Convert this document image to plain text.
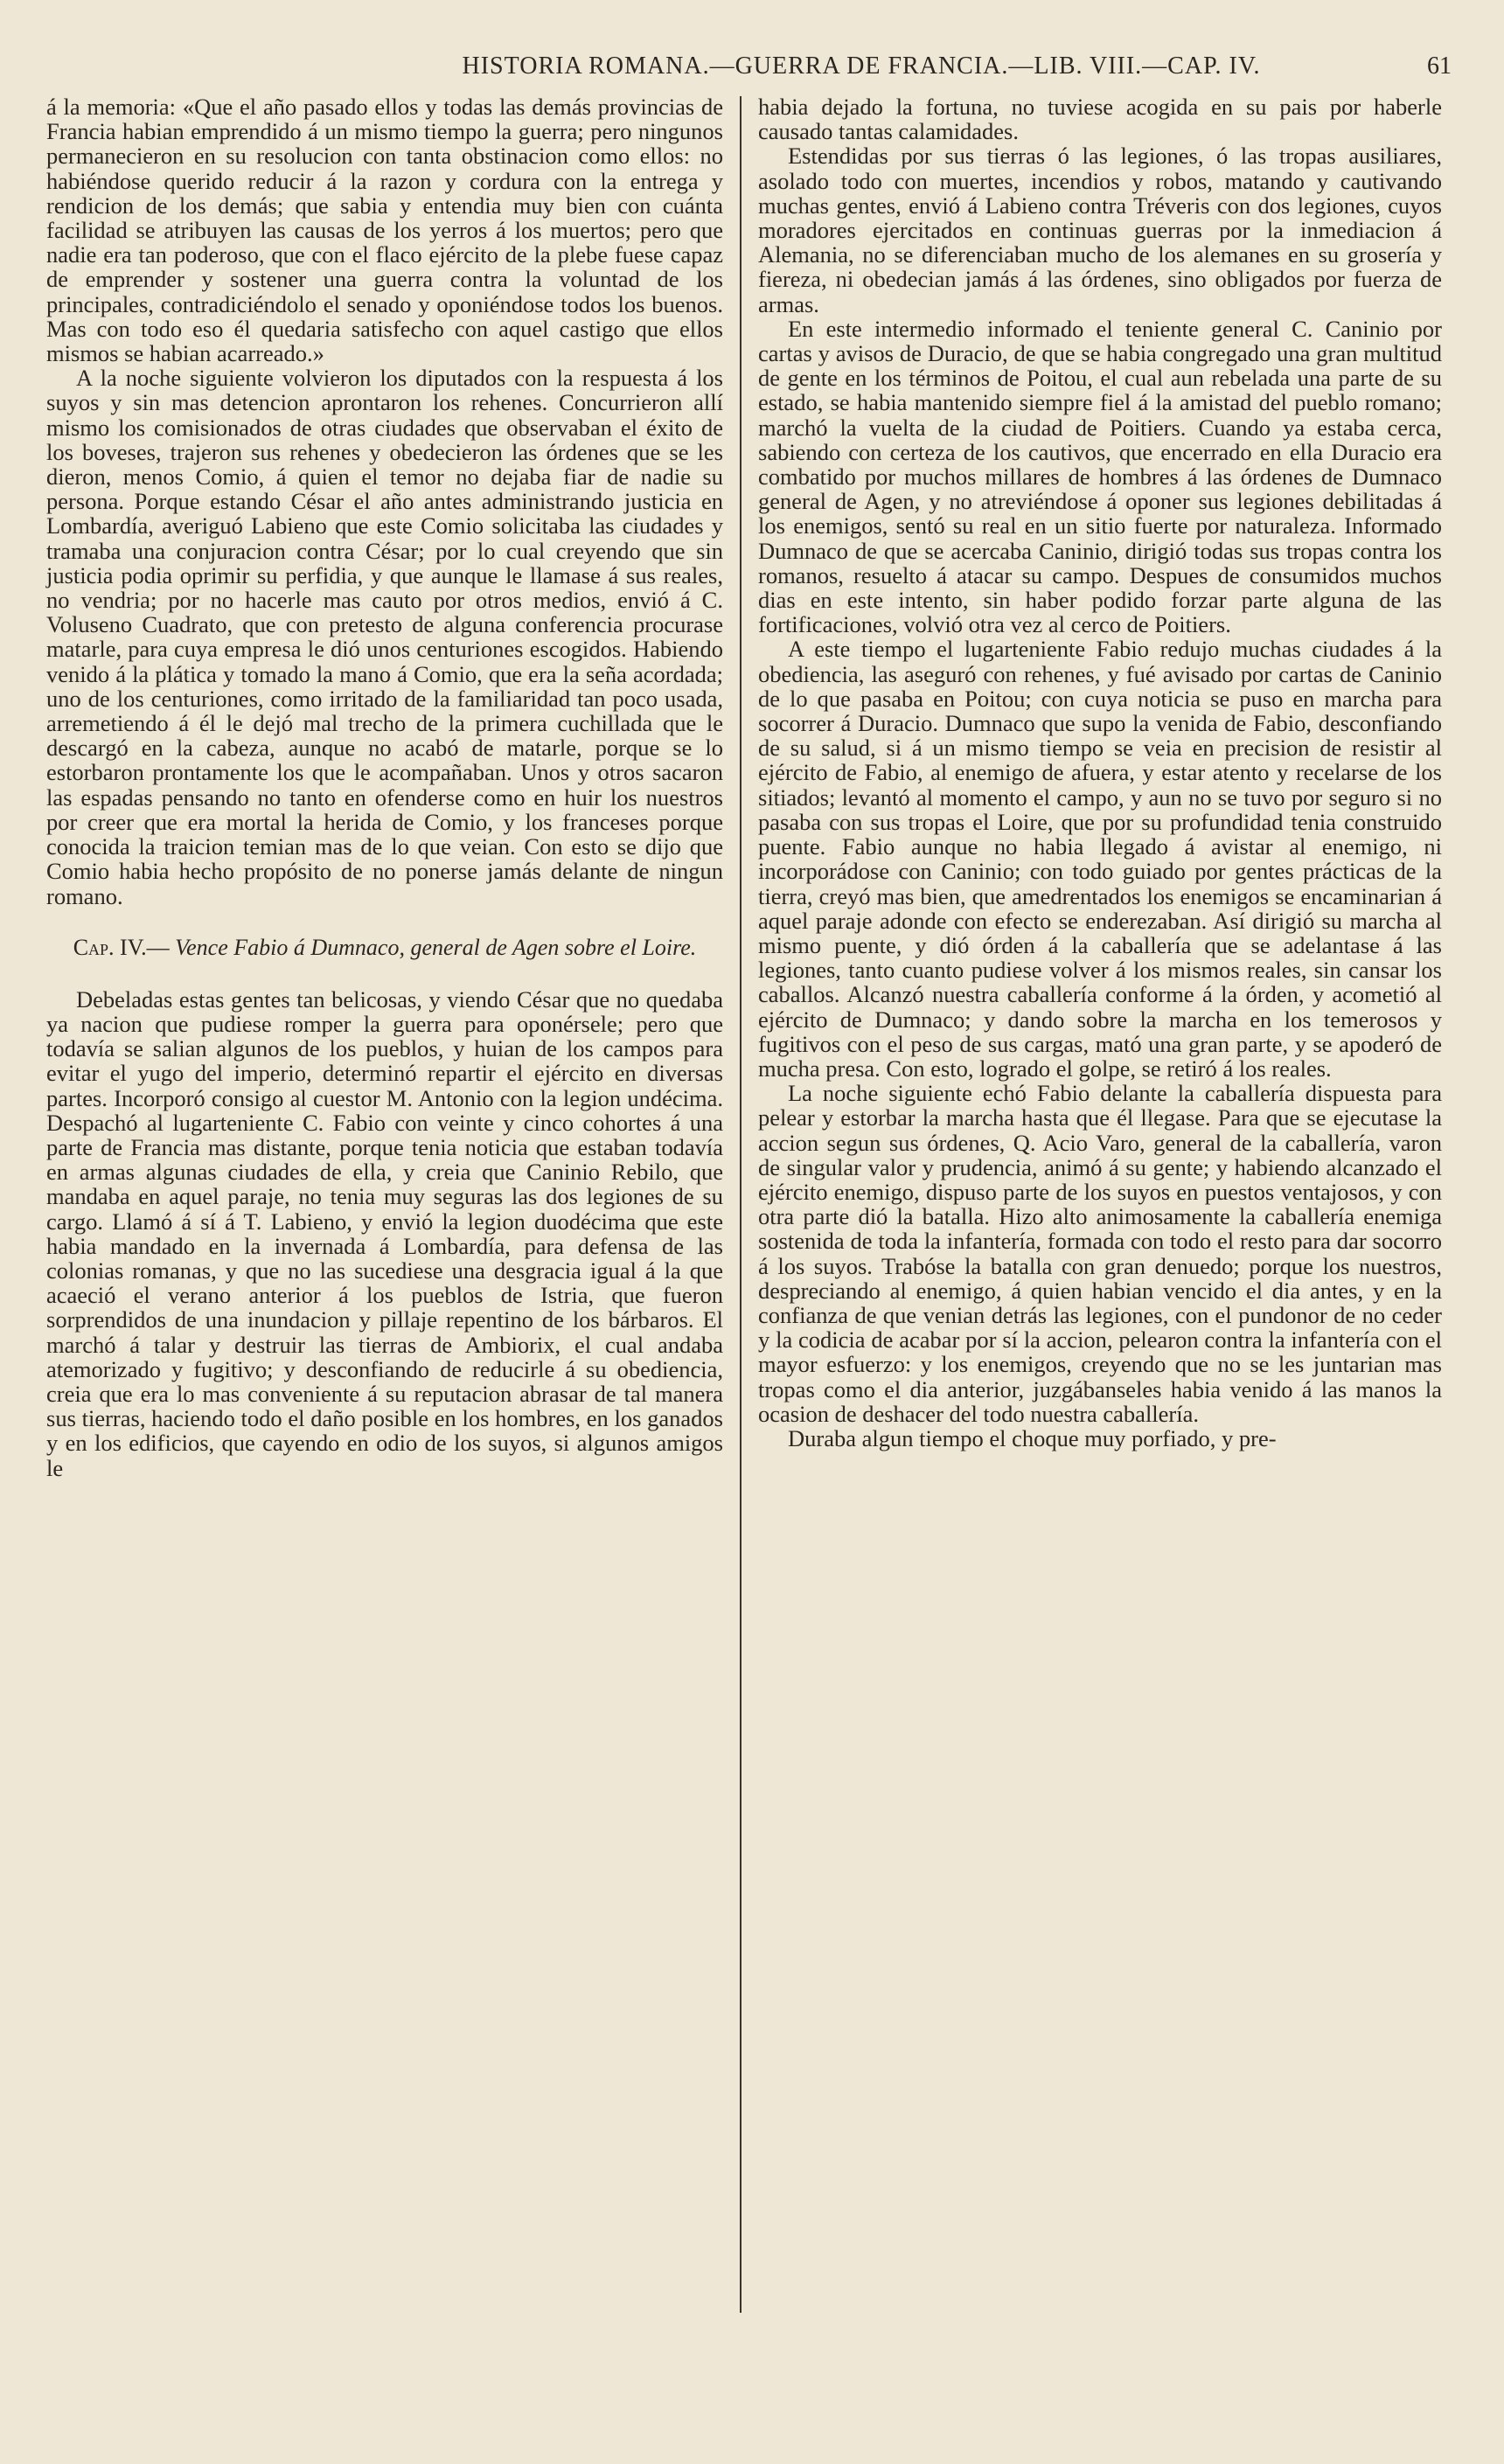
HISTORIA ROMANA.—GUERRA DE FRANCIA.—LIB. VIII.—CAP. IV.	61

á la memoria: «Que el año pasado ellos y todas las demás provincias de Francia habian emprendido á un mismo tiempo la guerra; pero ningunos permanecieron en su resolucion con tanta obstinacion como ellos: no habiéndose querido reducir á la razon y cordura con la entrega y rendicion de los demás; que sabia y entendia muy bien con cuánta facilidad se atribuyen las causas de los yerros á los muertos; pero que nadie era tan poderoso, que con el flaco ejército de la plebe fuese capaz de emprender y sostener una guerra contra la voluntad de los principales, contradiciéndolo el senado y oponiéndose todos los buenos. Mas con todo eso él quedaria satisfecho con aquel castigo que ellos mismos se habian acarreado.»

A la noche siguiente volvieron los diputados con la respuesta á los suyos y sin mas detencion aprontaron los rehenes. Concurrieron allí mismo los comisionados de otras ciudades que observaban el éxito de los boveses, trajeron sus rehenes y obedecieron las órdenes que se les dieron, menos Comio, á quien el temor no dejaba fiar de nadie su persona. Porque estando César el año antes administrando justicia en Lombardía, averiguó Labieno que este Comio solicitaba las ciudades y tramaba una conjuracion contra César; por lo cual creyendo que sin justicia podia oprimir su perfidia, y que aunque le llamase á sus reales, no vendria; por no hacerle mas cauto por otros medios, envió á C. Voluseno Cuadrato, que con pretesto de alguna conferencia procurase matarle, para cuya empresa le dió unos centuriones escogidos. Habiendo venido á la plática y tomado la mano á Comio, que era la seña acordada; uno de los centuriones, como irritado de la familiaridad tan poco usada, arremetiendo á él le dejó mal trecho de la primera cuchillada que le descargó en la cabeza, aunque no acabó de matarle, porque se lo estorbaron prontamente los que le acompañaban. Unos y otros sacaron las espadas pensando no tanto en ofenderse como en huir los nuestros por creer que era mortal la herida de Comio, y los franceses porque conocida la traicion temian mas de lo que veian. Con esto se dijo que Comio habia hecho propósito de no ponerse jamás delante de ningun romano.

Cap. IV.— Vence Fabio á Dumnaco, general de Agen sobre el Loire.

Debeladas estas gentes tan belicosas, y viendo César que no quedaba ya nacion que pudiese romper la guerra para oponérsele; pero que todavía se salian algunos de los pueblos, y huian de los campos para evitar el yugo del imperio, determinó repartir el ejército en diversas partes. Incorporó consigo al cuestor M. Antonio con la legion undécima. Despachó al lugarteniente C. Fabio con veinte y cinco cohortes á una parte de Francia mas distante, porque tenia noticia que estaban todavía en armas algunas ciudades de ella, y creia que Caninio Rebilo, que mandaba en aquel paraje, no tenia muy seguras las dos legiones de su cargo. Llamó á sí á T. Labieno, y envió la legion duodécima que este habia mandado en la invernada á Lombardía, para defensa de las colonias romanas, y que no las sucediese una desgracia igual á la que acaeció el verano anterior á los pueblos de Istria, que fueron sorprendidos de una inundacion y pillaje repentino de los bárbaros. El marchó á talar y destruir las tierras de Ambiorix, el cual andaba atemorizado y fugitivo; y desconfiando de reducirle á su obediencia, creia que era lo mas conveniente á su reputacion abrasar de tal manera sus tierras, haciendo todo el daño posible en los hombres, en los ganados y en los edificios, que cayendo en odio de los suyos, si algunos amigos le

habia dejado la fortuna, no tuviese acogida en su pais por haberle causado tantas calamidades.

Estendidas por sus tierras ó las legiones, ó las tropas ausiliares, asolado todo con muertes, incendios y robos, matando y cautivando muchas gentes, envió á Labieno contra Tréveris con dos legiones, cuyos moradores ejercitados en continuas guerras por la inmediacion á Alemania, no se diferenciaban mucho de los alemanes en su grosería y fiereza, ni obedecian jamás á las órdenes, sino obligados por fuerza de armas.

En este intermedio informado el teniente general C. Caninio por cartas y avisos de Duracio, de que se habia congregado una gran multitud de gente en los términos de Poitou, el cual aun rebelada una parte de su estado, se habia mantenido siempre fiel á la amistad del pueblo romano; marchó la vuelta de la ciudad de Poitiers. Cuando ya estaba cerca, sabiendo con certeza de los cautivos, que encerrado en ella Duracio era combatido por muchos millares de hombres á las órdenes de Dumnaco general de Agen, y no atreviéndose á oponer sus legiones debilitadas á los enemigos, sentó su real en un sitio fuerte por naturaleza. Informado Dumnaco de que se acercaba Caninio, dirigió todas sus tropas contra los romanos, resuelto á atacar su campo. Despues de consumidos muchos dias en este intento, sin haber podido forzar parte alguna de las fortificaciones, volvió otra vez al cerco de Poitiers.

A este tiempo el lugarteniente Fabio redujo muchas ciudades á la obediencia, las aseguró con rehenes, y fué avisado por cartas de Caninio de lo que pasaba en Poitou; con cuya noticia se puso en marcha para socorrer á Duracio. Dumnaco que supo la venida de Fabio, desconfiando de su salud, si á un mismo tiempo se veia en precision de resistir al ejército de Fabio, al enemigo de afuera, y estar atento y recelarse de los sitiados; levantó al momento el campo, y aun no se tuvo por seguro si no pasaba con sus tropas el Loire, que por su profundidad tenia construido puente. Fabio aunque no habia llegado á avistar al enemigo, ni incorporádose con Caninio; con todo guiado por gentes prácticas de la tierra, creyó mas bien, que amedrentados los enemigos se encaminarian á aquel paraje adonde con efecto se enderezaban. Así dirigió su marcha al mismo puente, y dió órden á la caballería que se adelantase á las legiones, tanto cuanto pudiese volver á los mismos reales, sin cansar los caballos. Alcanzó nuestra caballería conforme á la órden, y acometió al ejército de Dumnaco; y dando sobre la marcha en los temerosos y fugitivos con el peso de sus cargas, mató una gran parte, y se apoderó de mucha presa. Con esto, logrado el golpe, se retiró á los reales.

La noche siguiente echó Fabio delante la caballería dispuesta para pelear y estorbar la marcha hasta que él llegase. Para que se ejecutase la accion segun sus órdenes, Q. Acio Varo, general de la caballería, varon de singular valor y prudencia, animó á su gente; y habiendo alcanzado el ejército enemigo, dispuso parte de los suyos en puestos ventajosos, y con otra parte dió la batalla. Hizo alto animosamente la caballería enemiga sostenida de toda la infantería, formada con todo el resto para dar socorro á los suyos. Trabóse la batalla con gran denuedo; porque los nuestros, despreciando al enemigo, á quien habian vencido el dia antes, y en la confianza de que venian detrás las legiones, con el pundonor de no ceder y la codicia de acabar por sí la accion, pelearon contra la infantería con el mayor esfuerzo: y los enemigos, creyendo que no se les juntarian mas tropas como el dia anterior, juzgábanseles habia venido á las manos la ocasion de deshacer del todo nuestra caballería.

Duraba algun tiempo el choque muy porfiado, y pre-
